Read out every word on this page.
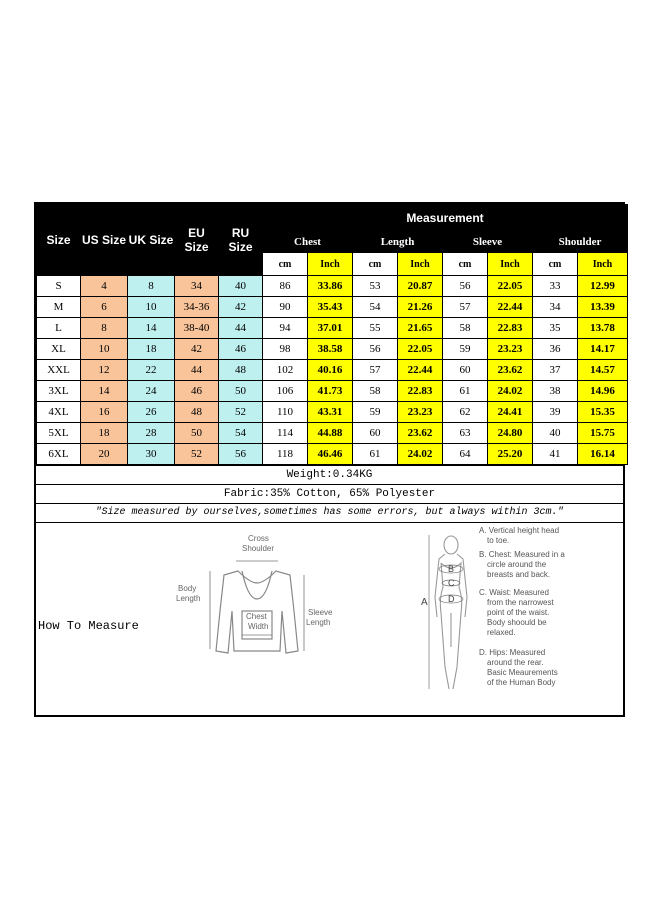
Size	US Size	UK Size	EU Size	RU Size	Measurement							
					Chest		Length		Sleeve		Shoulder	
					cm	Inch	cm	Inch	cm	Inch	cm	Inch
S	4	8	34	40	86	33.86	53	20.87	56	22.05	33	12.99
M	6	10	34-36	42	90	35.43	54	21.26	57	22.44	34	13.39
L	8	14	38-40	44	94	37.01	55	21.65	58	22.83	35	13.78
XL	10	18	42	46	98	38.58	56	22.05	59	23.23	36	14.17
XXL	12	22	44	48	102	40.16	57	22.44	60	23.62	37	14.57
3XL	14	24	46	50	106	41.73	58	22.83	61	24.02	38	14.96
4XL	16	26	48	52	110	43.31	59	23.23	62	24.41	39	15.35
5XL	18	28	50	54	114	44.88	60	23.62	63	24.80	40	15.75
6XL	20	30	52	56	118	46.46	61	24.02	64	25.20	41	16.14
Weight:0.34KG
Fabric:35% Cotton, 65% Polyester
"Size measured by ourselves,sometimes has some errors, but always within 3cm."
How To Measure
Cross
Shoulder
Body
Length
Chest
Width
Sleeve
Length
A
B
C
D
A. Vertical height head
to toe.
B. Chest: Measured in a
circle around the
breasts and back.
C. Waist: Measured
from the narrowest
point of the waist.
Body shoould be
relaxed.
D. Hips: Measured
around the rear.
Basic Meaurements
of the Human Body
